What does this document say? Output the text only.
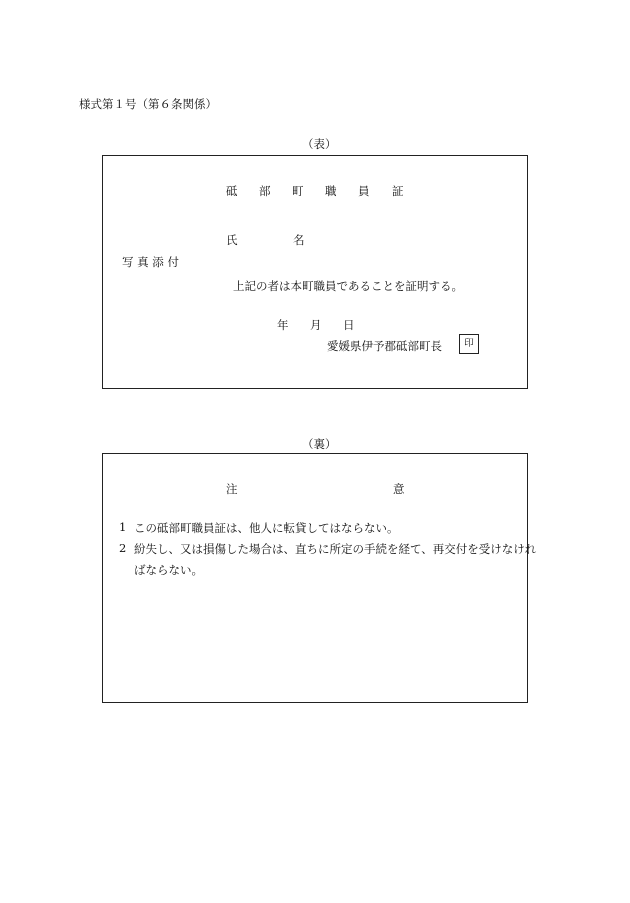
様式第１号（第６条関係）
（表）
砥 部 町 職 員 証
氏	名
写 真 添 付
上記の者は本町職員であることを証明する。
年 月 日
愛媛県伊予郡砥部町長	印
（裏）
注	意
1 この砥部町職員証は、他人に転貸してはならない。
2 紛失し、又は損傷した場合は、直ちに所定の手続を経て、再交付を受けなけれ
ばならない。
